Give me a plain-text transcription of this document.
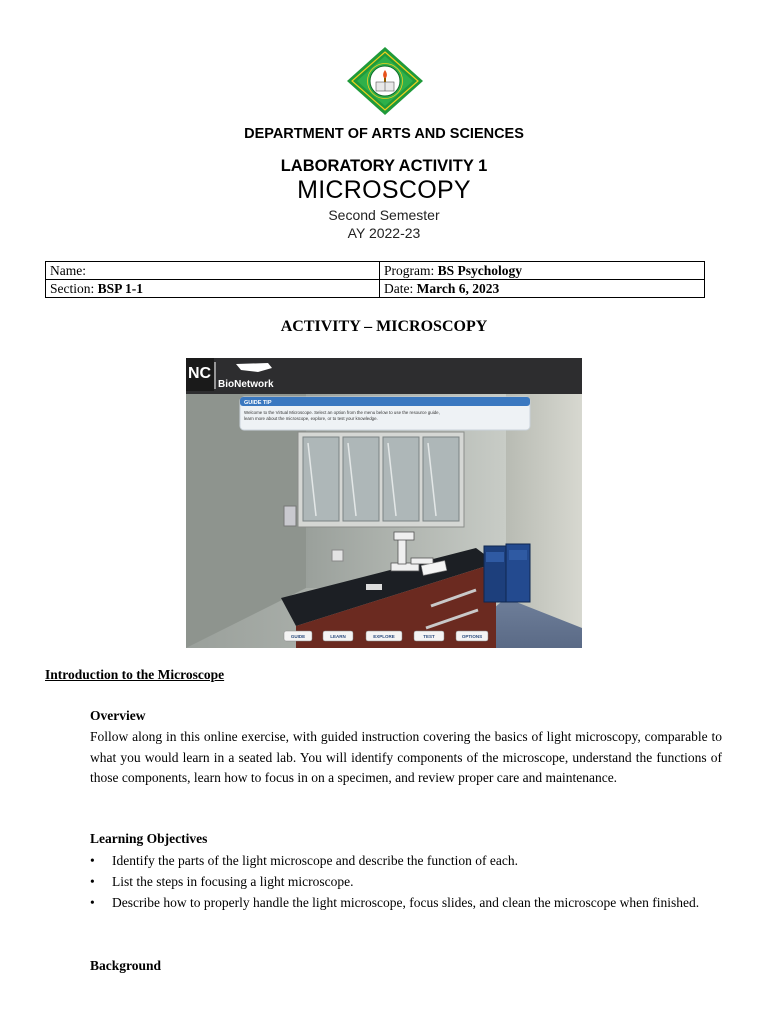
DEPARTMENT OF ARTS AND SCIENCES
LABORATORY ACTIVITY 1
MICROSCOPY
Second Semester
AY 2022-23
Name:	Program: BS Psychology
Section: BSP 1-1	Date: March 6, 2023
ACTIVITY – MICROSCOPY
NC
BioNetwork
GUIDE TIP
Welcome to the Virtual Microscope. Select an option from the menu below to use the resource guide,
learn more about the microscope, explore, or to test your knowledge.
GUIDE	LEARN	EXPLORE	TEST	OPTIONS
Introduction to the Microscope
Overview

Follow along in this online exercise, with guided instruction covering the basics of light microscopy, comparable to what you would learn in a seated lab. You will identify components of the microscope, understand the functions of those components, learn how to focus in on a specimen, and review proper care and maintenance.

Learning Objectives
• Identify the parts of the light microscope and describe the function of each.
• List the steps in focusing a light microscope.
• Describe how to properly handle the light microscope, focus slides, and clean the microscope when finished.
Background
